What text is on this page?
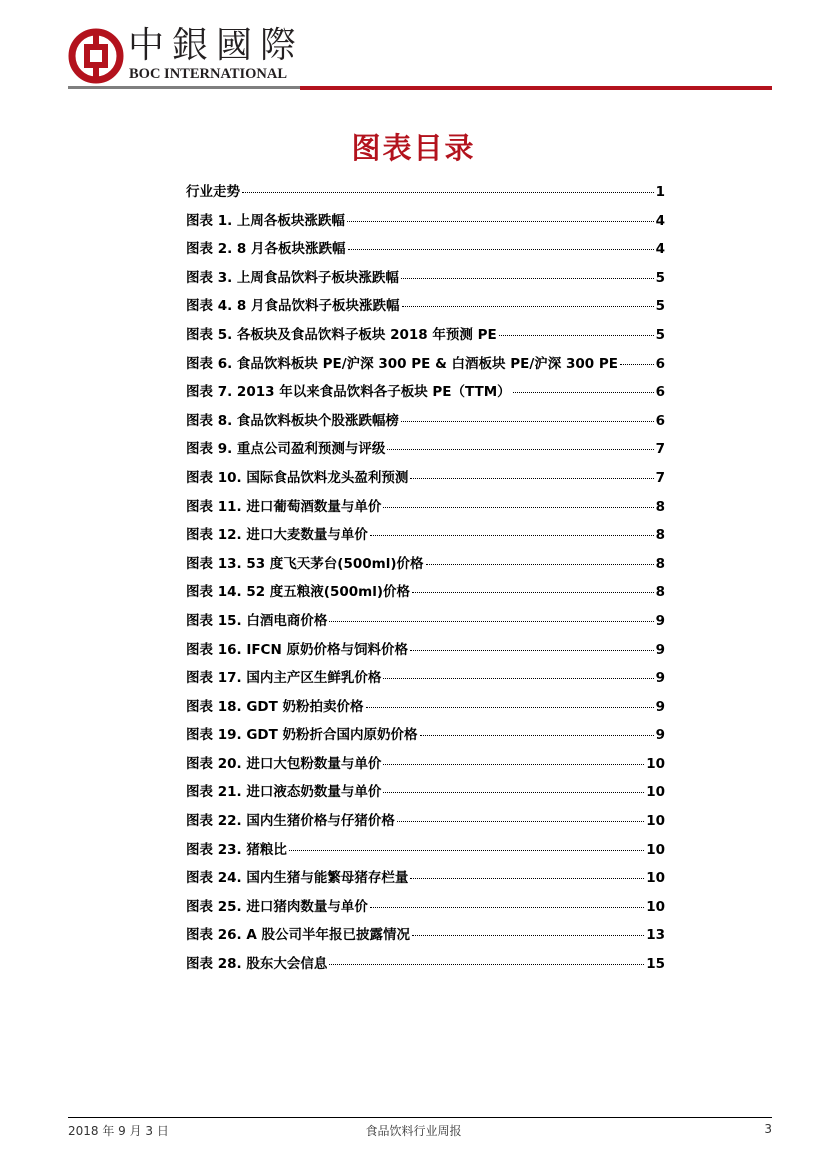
中銀國際
BOC INTERNATIONAL
图表目录
行业走势	1
图表 1. 上周各板块涨跌幅	4
图表 2. 8 月各板块涨跌幅	4
图表 3. 上周食品饮料子板块涨跌幅	5
图表 4. 8 月食品饮料子板块涨跌幅	5
图表 5. 各板块及食品饮料子板块 2018 年预测 PE	5
图表 6. 食品饮料板块 PE/沪深 300 PE & 白酒板块 PE/沪深 300 PE	6
图表 7. 2013 年以来食品饮料各子板块 PE（TTM）	6
图表 8. 食品饮料板块个股涨跌幅榜	6
图表 9. 重点公司盈利预测与评级	7
图表 10. 国际食品饮料龙头盈利预测	7
图表 11. 进口葡萄酒数量与单价	8
图表 12. 进口大麦数量与单价	8
图表 13. 53 度飞天茅台(500ml)价格	8
图表 14. 52 度五粮液(500ml)价格	8
图表 15. 白酒电商价格	9
图表 16. IFCN 原奶价格与饲料价格	9
图表 17. 国内主产区生鲜乳价格	9
图表 18. GDT 奶粉拍卖价格	9
图表 19. GDT 奶粉折合国内原奶价格	9
图表 20. 进口大包粉数量与单价	10
图表 21. 进口液态奶数量与单价	10
图表 22. 国内生猪价格与仔猪价格	10
图表 23. 猪粮比	10
图表 24. 国内生猪与能繁母猪存栏量	10
图表 25. 进口猪肉数量与单价	10
图表 26. A 股公司半年报已披露情况	13
图表 28. 股东大会信息	15
2018 年 9 月 3 日	食品饮料行业周报	3
